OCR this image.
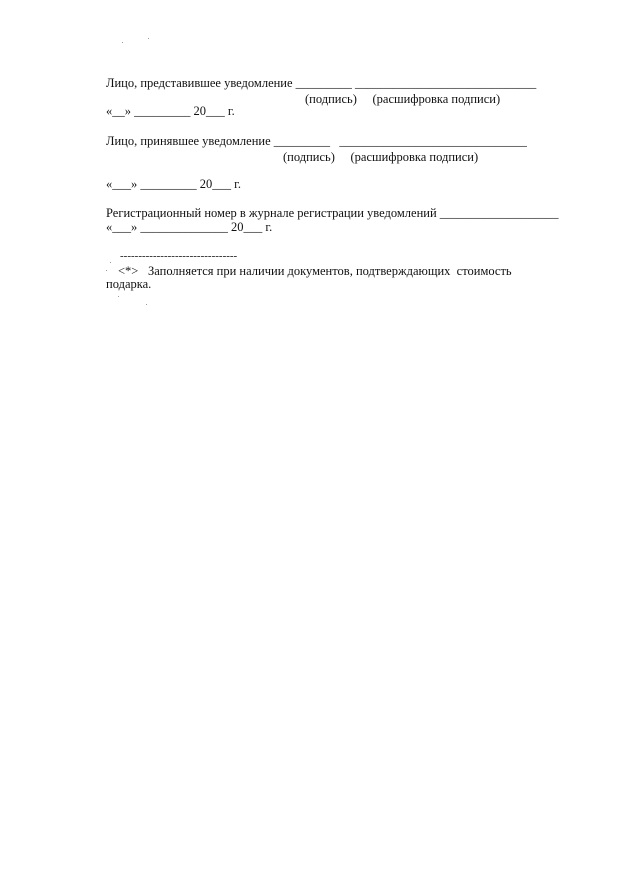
Лицо, представившее уведомление _________ _____________________________
(подпись)     (расшифровка подписи)
«__» _________ 20___ г.
Лицо, принявшее уведомление _________   ______________________________
(подпись)     (расшифровка подписи)
«___» _________ 20___ г.
Регистрационный номер в журнале регистрации уведомлений ___________________
«___» ______________ 20___ г.
--------------------------------
<*> Заполняется при наличии документов, подтверждающих  стоимость
подарка.
